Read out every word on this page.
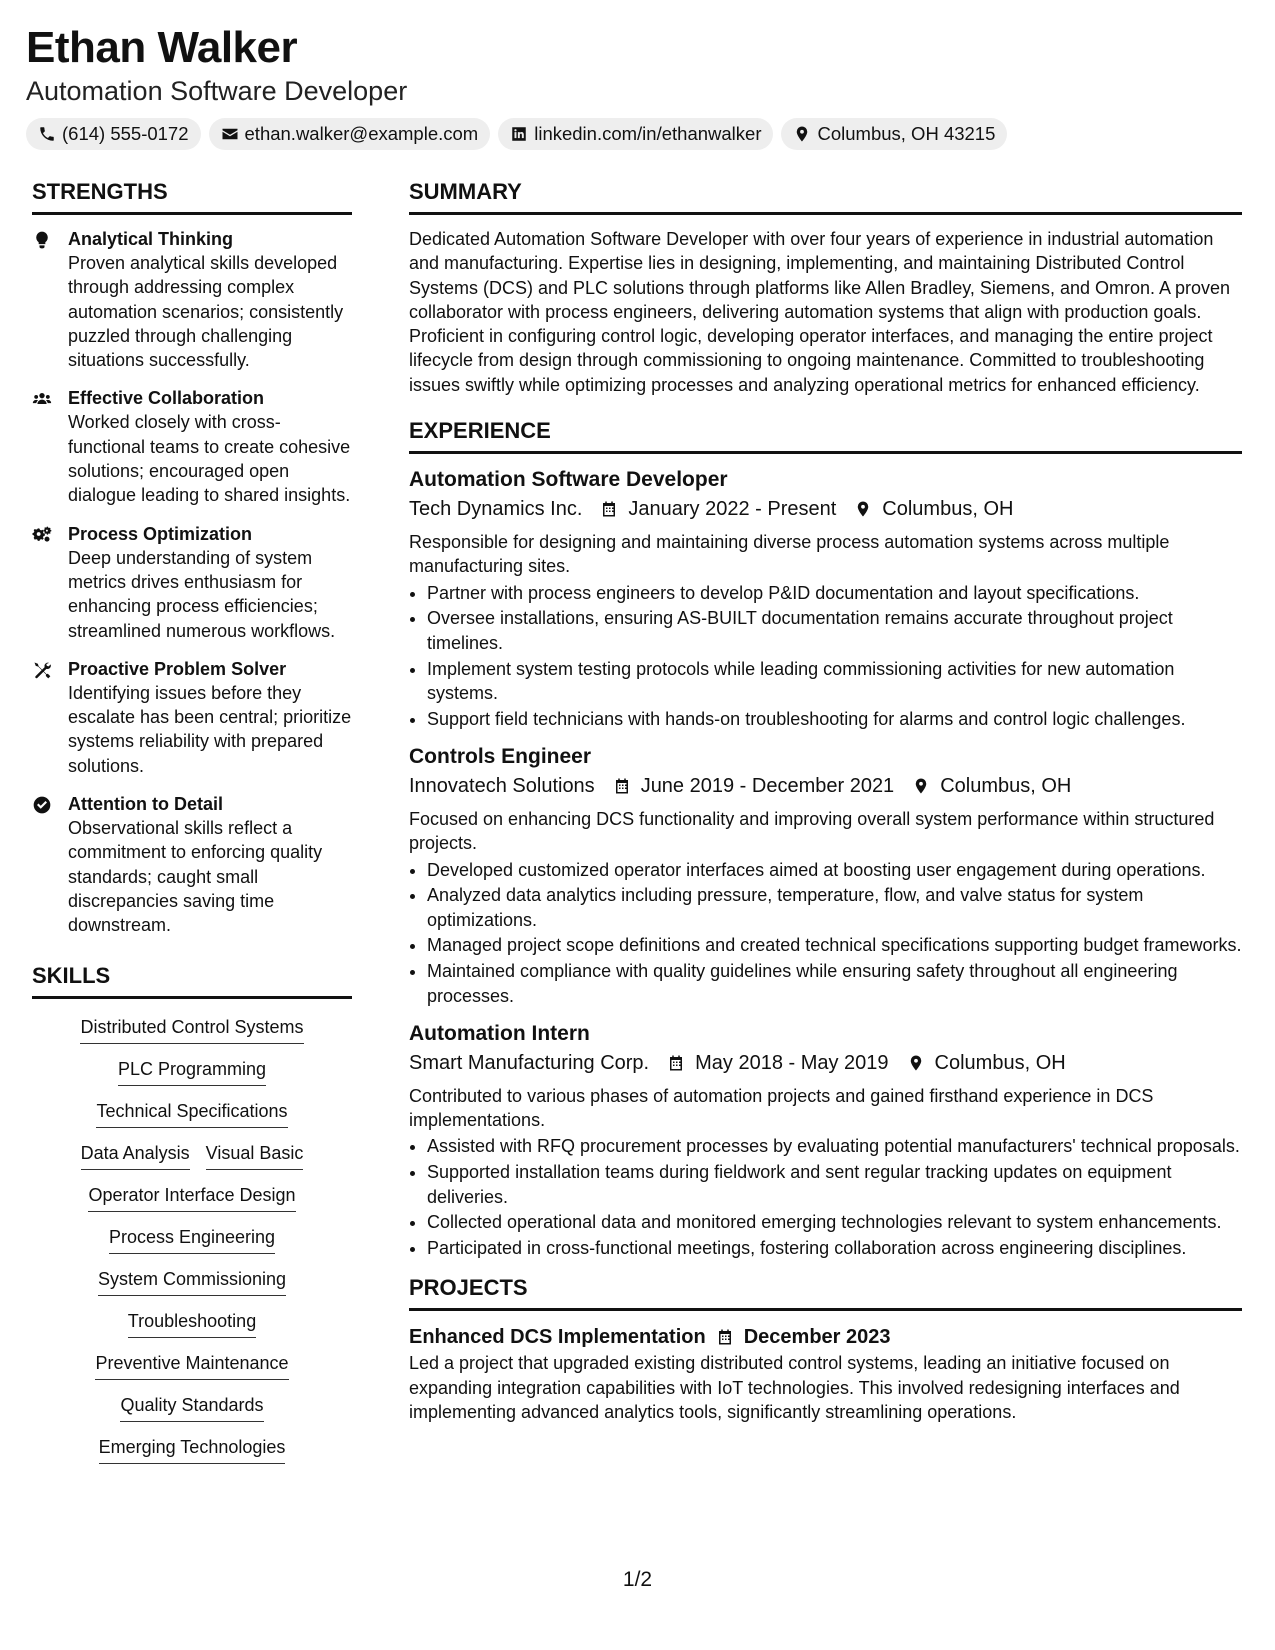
Ethan Walker
Automation Software Developer
(614) 555-0172	ethan.walker@example.com	linkedin.com/in/ethanwalker	Columbus, OH 43215
STRENGTHS
Analytical Thinking
Proven analytical skills developed through addressing complex automation scenarios; consistently puzzled through challenging situations successfully.
Effective Collaboration
Worked closely with cross-functional teams to create cohesive solutions; encouraged open dialogue leading to shared insights.
Process Optimization
Deep understanding of system metrics drives enthusiasm for enhancing process efficiencies; streamlined numerous workflows.
Proactive Problem Solver
Identifying issues before they escalate has been central; prioritize systems reliability with prepared solutions.
Attention to Detail
Observational skills reflect a commitment to enforcing quality standards; caught small discrepancies saving time downstream.
SKILLS
Distributed Control Systems
PLC Programming
Technical Specifications
Data Analysis Visual Basic
Operator Interface Design
Process Engineering
System Commissioning
Troubleshooting
Preventive Maintenance
Quality Standards
Emerging Technologies
SUMMARY

Dedicated Automation Software Developer with over four years of experience in industrial automation and manufacturing. Expertise lies in designing, implementing, and maintaining Distributed Control Systems (DCS) and PLC solutions through platforms like Allen Bradley, Siemens, and Omron. A proven collaborator with process engineers, delivering automation systems that align with production goals. Proficient in configuring control logic, developing operator interfaces, and managing the entire project lifecycle from design through commissioning to ongoing maintenance. Committed to troubleshooting issues swiftly while optimizing processes and analyzing operational metrics for enhanced efficiency.

EXPERIENCE
Automation Software Developer
Tech Dynamics Inc. January 2022 - Present Columbus, OH
Responsible for designing and maintaining diverse process automation systems across multiple manufacturing sites.
• Partner with process engineers to develop P&ID documentation and layout specifications.
• Oversee installations, ensuring AS-BUILT documentation remains accurate throughout project timelines.
• Implement system testing protocols while leading commissioning activities for new automation systems.
• Support field technicians with hands-on troubleshooting for alarms and control logic challenges.
Controls Engineer
Innovatech Solutions June 2019 - December 2021 Columbus, OH
Focused on enhancing DCS functionality and improving overall system performance within structured projects.
• Developed customized operator interfaces aimed at boosting user engagement during operations.
• Analyzed data analytics including pressure, temperature, flow, and valve status for system optimizations.
• Managed project scope definitions and created technical specifications supporting budget frameworks.
• Maintained compliance with quality guidelines while ensuring safety throughout all engineering processes.
Automation Intern
Smart Manufacturing Corp. May 2018 - May 2019 Columbus, OH
Contributed to various phases of automation projects and gained firsthand experience in DCS implementations.
• Assisted with RFQ procurement processes by evaluating potential manufacturers' technical proposals.
• Supported installation teams during fieldwork and sent regular tracking updates on equipment deliveries.
• Collected operational data and monitored emerging technologies relevant to system enhancements.
• Participated in cross-functional meetings, fostering collaboration across engineering disciplines.
PROJECTS
Enhanced DCS Implementation December 2023
Led a project that upgraded existing distributed control systems, leading an initiative focused on expanding integration capabilities with IoT technologies. This involved redesigning interfaces and implementing advanced analytics tools, significantly streamlining operations.
1/2
